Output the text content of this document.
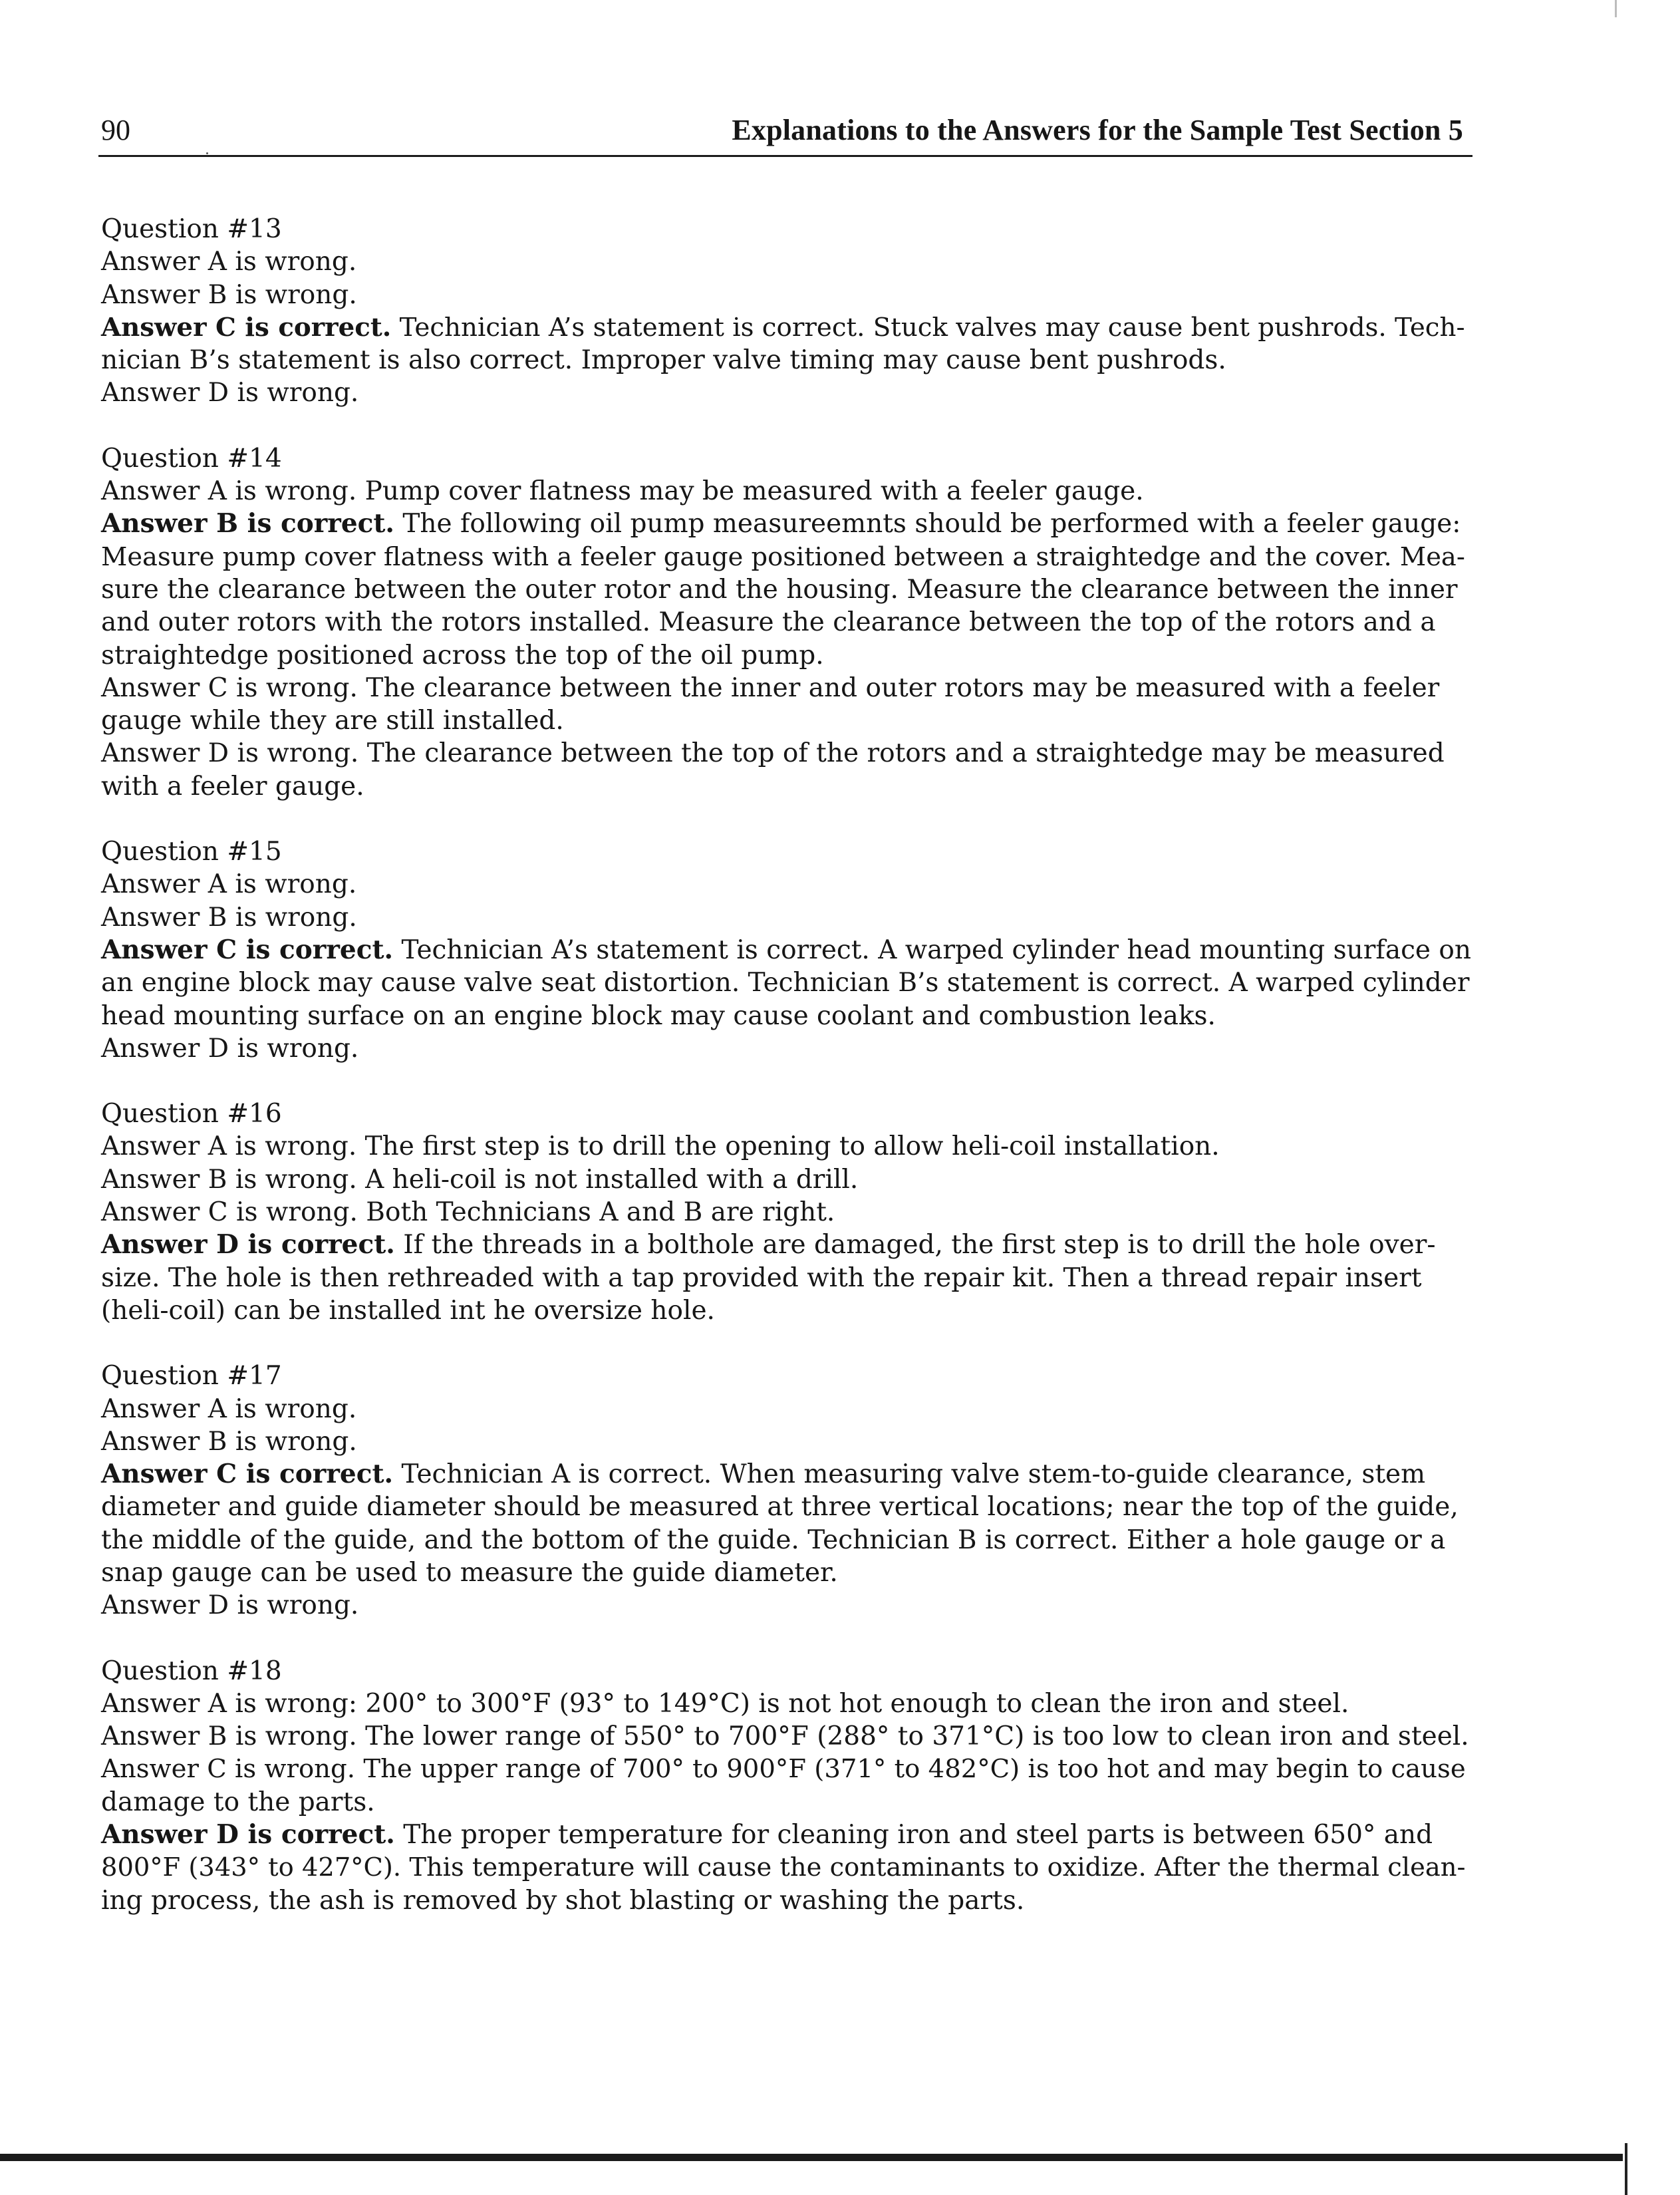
90	Explanations to the Answers for the Sample Test Section 5
Question #13
Answer A is wrong.
Answer B is wrong.
Answer C is correct. Technician A’s statement is correct. Stuck valves may cause bent pushrods. Tech-
nician B’s statement is also correct. Improper valve timing may cause bent pushrods.
Answer D is wrong.
Question #14
Answer A is wrong. Pump cover flatness may be measured with a feeler gauge.
Answer B is correct. The following oil pump measureemnts should be performed with a feeler gauge:
Measure pump cover flatness with a feeler gauge positioned between a straightedge and the cover. Mea-
sure the clearance between the outer rotor and the housing. Measure the clearance between the inner
and outer rotors with the rotors installed. Measure the clearance between the top of the rotors and a
straightedge positioned across the top of the oil pump.
Answer C is wrong. The clearance between the inner and outer rotors may be measured with a feeler
gauge while they are still installed.
Answer D is wrong. The clearance between the top of the rotors and a straightedge may be measured
with a feeler gauge.
Question #15
Answer A is wrong.
Answer B is wrong.
Answer C is correct. Technician A’s statement is correct. A warped cylinder head mounting surface on
an engine block may cause valve seat distortion. Technician B’s statement is correct. A warped cylinder
head mounting surface on an engine block may cause coolant and combustion leaks.
Answer D is wrong.
Question #16
Answer A is wrong. The first step is to drill the opening to allow heli-coil installation.
Answer B is wrong. A heli-coil is not installed with a drill.
Answer C is wrong. Both Technicians A and B are right.
Answer D is correct. If the threads in a bolthole are damaged, the first step is to drill the hole over-
size. The hole is then rethreaded with a tap provided with the repair kit. Then a thread repair insert
(heli-coil) can be installed int he oversize hole.
Question #17
Answer A is wrong.
Answer B is wrong.
Answer C is correct. Technician A is correct. When measuring valve stem-to-guide clearance, stem
diameter and guide diameter should be measured at three vertical locations; near the top of the guide,
the middle of the guide, and the bottom of the guide. Technician B is correct. Either a hole gauge or a
snap gauge can be used to measure the guide diameter.
Answer D is wrong.
Question #18
Answer A is wrong: 200° to 300°F (93° to 149°C) is not hot enough to clean the iron and steel.
Answer B is wrong. The lower range of 550° to 700°F (288° to 371°C) is too low to clean iron and steel.
Answer C is wrong. The upper range of 700° to 900°F (371° to 482°C) is too hot and may begin to cause
damage to the parts.
Answer D is correct. The proper temperature for cleaning iron and steel parts is between 650° and
800°F (343° to 427°C). This temperature will cause the contaminants to oxidize. After the thermal clean-
ing process, the ash is removed by shot blasting or washing the parts.
